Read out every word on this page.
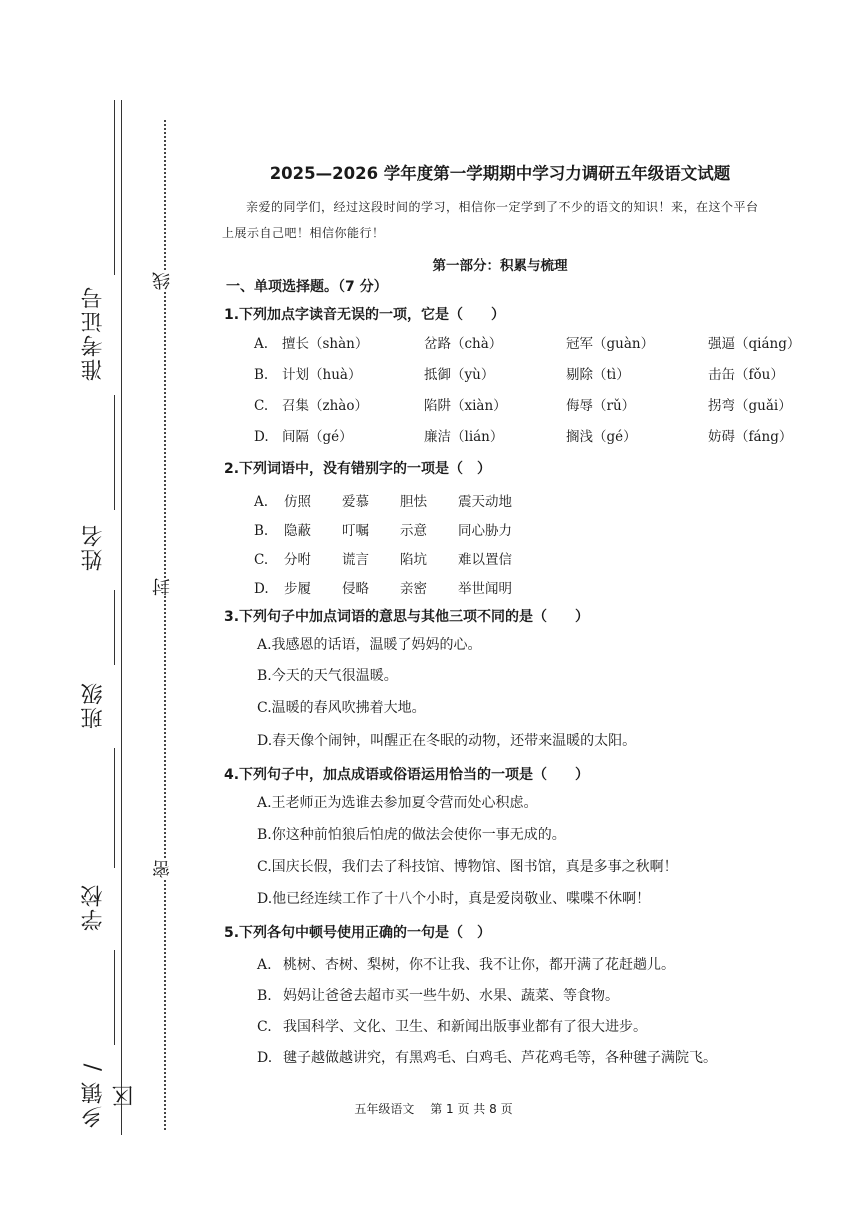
准考证号
姓名
班级
学校
乡镇 / 区
线
封
密
2025—2026 学年度第一学期期中学习力调研五年级语文试题
亲爱的同学们，经过这段时间的学习，相信你一定学到了不少的语文的知识！来，在这个平台上展示自己吧！相信你能行！
第一部分：积累与梳理
一、单项选择题。（7 分）
1.下列加点字读音无误的一项，它是（　　）
A. 擅长（shàn）	岔路（chà）	冠军（guàn）	强逼（qiáng）
B. 计划（huà）	抵御（yù）	剔除（tì）	击缶（fǒu）
C. 召集（zhào）	陷阱（xiàn）	侮辱（rǔ）	拐弯（guǎi）
D. 间隔（gé）	廉洁（lián）	搁浅（gé）	妨碍（fáng）
2.下列词语中，没有错别字的一项是（　）
A. 仿照 爱慕 胆怯 震天动地
B. 隐蔽 叮嘱 示意 同心胁力
C. 分咐 谎言 陷坑 难以置信
D. 步履 侵略 亲密 举世闻明
3.下列句子中加点词语的意思与其他三项不同的是（　　）
A.我感恩的话语，温暖了妈妈的心。
B.今天的天气很温暖。
C.温暖的春风吹拂着大地。
D.春天像个闹钟，叫醒正在冬眠的动物，还带来温暖的太阳。
4.下列句子中，加点成语或俗语运用恰当的一项是（　　）
A.王老师正为选谁去参加夏令营而处心积虑。
B.你这种前怕狼后怕虎的做法会使你一事无成的。
C.国庆长假，我们去了科技馆、博物馆、图书馆，真是多事之秋啊！
D.他已经连续工作了十八个小时，真是爱岗敬业、喋喋不休啊！
5.下列各句中顿号使用正确的一句是（　）
A. 桃树、杏树、梨树，你不让我、我不让你，都开满了花赶趟儿。
B. 妈妈让爸爸去超市买一些牛奶、水果、蔬菜、等食物。
C. 我国科学、文化、卫生、和新闻出版事业都有了很大进步。
D. 毽子越做越讲究，有黑鸡毛、白鸡毛、芦花鸡毛等，各种毽子满院飞。
五年级语文　 第 1 页 共 8 页
